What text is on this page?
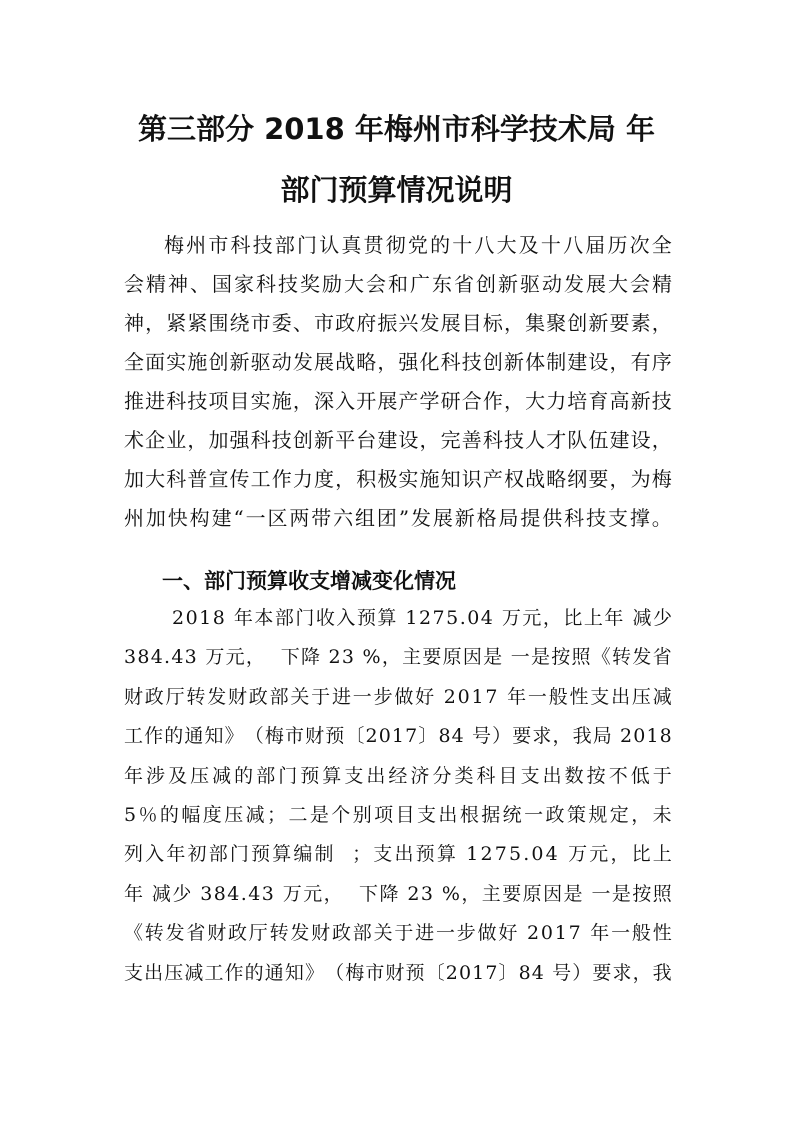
第三部分 2018 年梅州市科学技术局 年
部门预算情况说明
梅 州 市 科 技 部 门 认 真 贯 彻 党 的 十 八 大 及 十 八 届 历 次 全
会 精 神 、 国 家 科 技 奖 励 大 会 和 广 东 省 创 新 驱 动 发 展 大 会 精
神 ， 紧 紧 围 绕 市 委 、 市 政 府 振 兴 发 展 目 标 ， 集 聚 创 新 要 素 ，
全 面 实 施 创 新 驱 动 发 展 战 略 ， 强 化 科 技 创 新 体 制 建 设 ， 有 序
推 进 科 技 项 目 实 施 ， 深 入 开 展 产 学 研 合 作 ， 大 力 培 育 高 新 技
术 企 业 ， 加 强 科 技 创 新 平 台 建 设 ， 完 善 科 技 人 才 队 伍 建 设 ，
加 大 科 普 宣 传 工 作 力 度 ， 积 极 实 施 知 识 产 权 战 略 纲 要 ， 为 梅
州 加 快 构 建 “ 一 区 两 带 六 组 团 ” 发 展 新 格 局 提 供 科 技 支 撑 。
一、部门预算收支增减变化情况
2 0 1 8
年 本 部 门 收 入 预 算
1 2 7 5 . 0 4
万 元 ， 比 上 年
减 少
3 8 4 . 4 3
万 元 ，

下 降
2 3
% ， 主 要 原 因 是
一 是 按 照 《 转 发 省
财 政 厅 转 发 财 政 部 关 于 进 一 步 做 好
2 0 1 7
年 一 般 性 支 出 压 减
工 作 的 通 知 》 （ 梅 市 财 预 〔 2 0 1 7 〕 8 4
号 ） 要 求 ， 我 局
2 0 1 8
年 涉 及 压 减 的 部 门 预 算 支 出 经 济 分 类 科 目 支 出 数 按 不 低 于
5 ％ 的 幅 度 压 减 ； 二 是 个 别 项 目 支 出 根 据 统 一 政 策 规 定 ， 未
列 入 年 初 部 门 预 算 编 制

； 支 出 预 算
1 2 7 5 . 0 4
万 元 ， 比 上
年
减 少
3 8 4 . 4 3
万 元 ，

下 降
2 3
% ， 主 要 原 因 是
一 是 按 照
《 转 发 省 财 政 厅 转 发 财 政 部 关 于 进 一 步 做 好
2 0 1 7
年 一 般 性
支 出 压 减 工 作 的 通 知 》 （ 梅 市 财 预 〔 2 0 1 7 〕 8 4
号 ） 要 求 ， 我
